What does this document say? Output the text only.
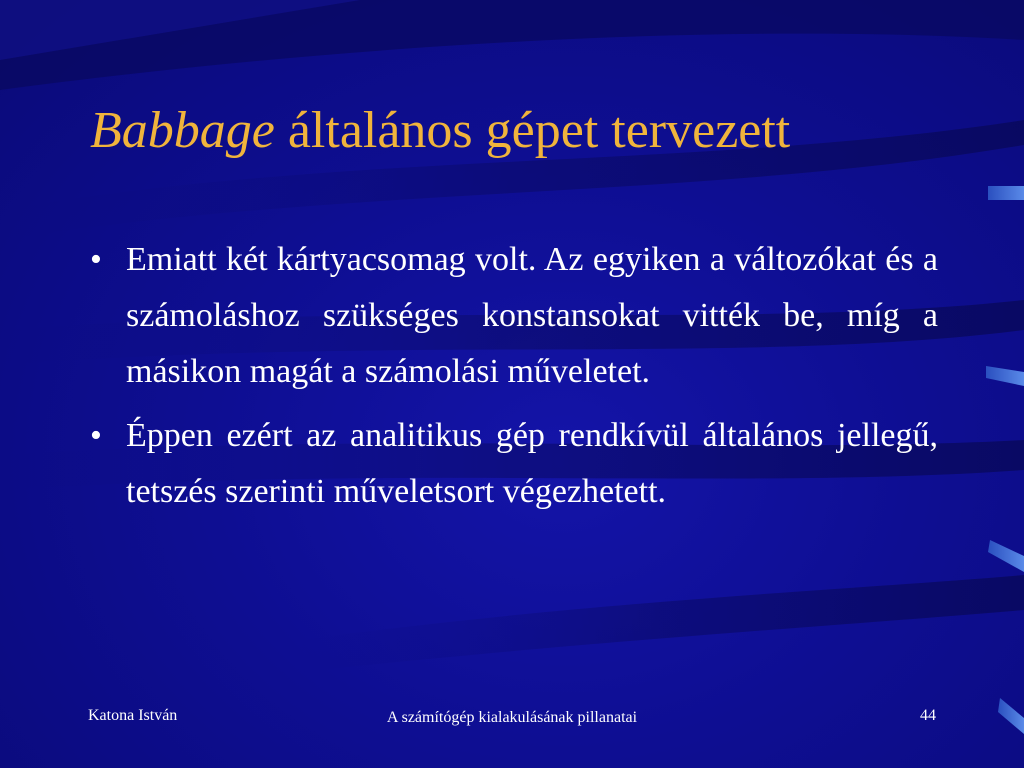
Babbage általános gépet tervezett
• Emiatt két kártyacsomag volt. Az egyiken a változókat és a számoláshoz szükséges konstansokat vitték be, míg a másikon magát a számolási műveletet.
• Éppen ezért az analitikus gép rendkívül általános jellegű, tetszés szerinti műveletsort végezhetett.
Katona István	A számítógép kialakulásának pillanatai	44
